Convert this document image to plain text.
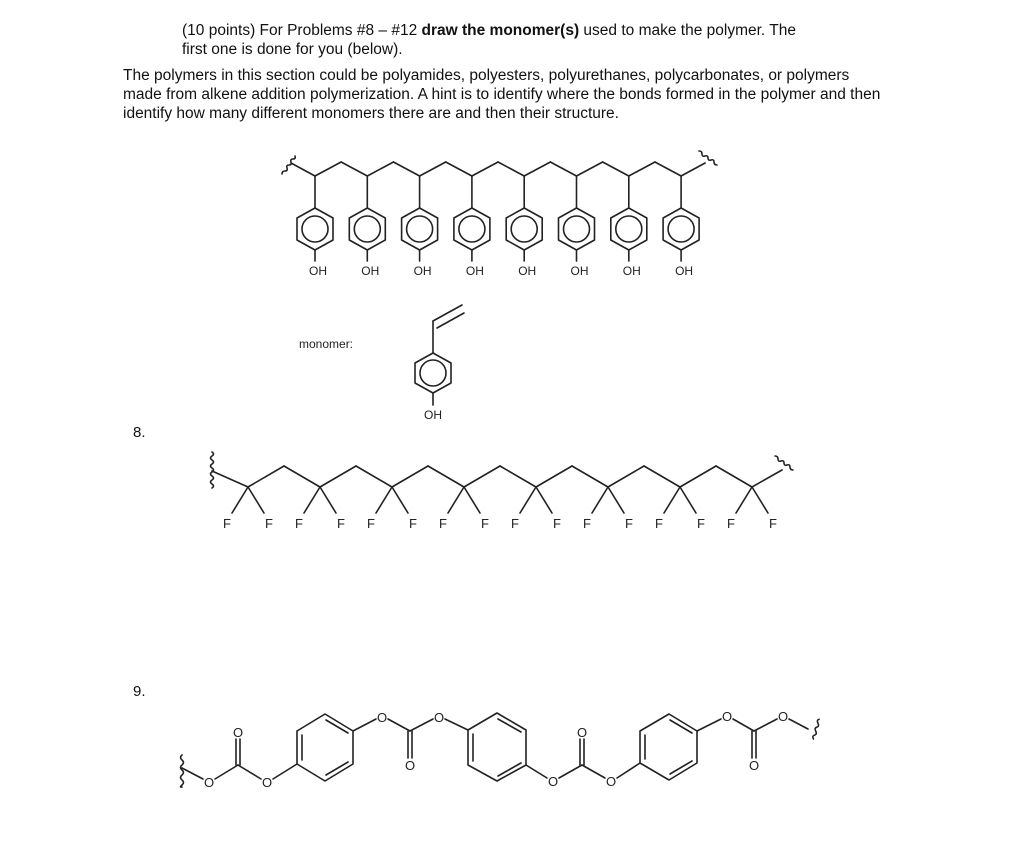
(10 points) For Problems #8 – #12 draw the monomer(s) used to make the polymer. The
first one is done for you (below).
The polymers in this section could be polyamides, polyesters, polyurethanes, polycarbonates, or polymers made from alkene addition polymerization. A hint is to identify where the bonds formed in the polymer and then identify how many different monomers there are and then their structure.
8.
9.
monomer:
O
O
O
O
O
O
O
O
O
O
O
O
OH
OH	OH	OH	OH	OH	OH	OH	OH
F	F F	F F	F F	F F	F F	F F	F F	F
